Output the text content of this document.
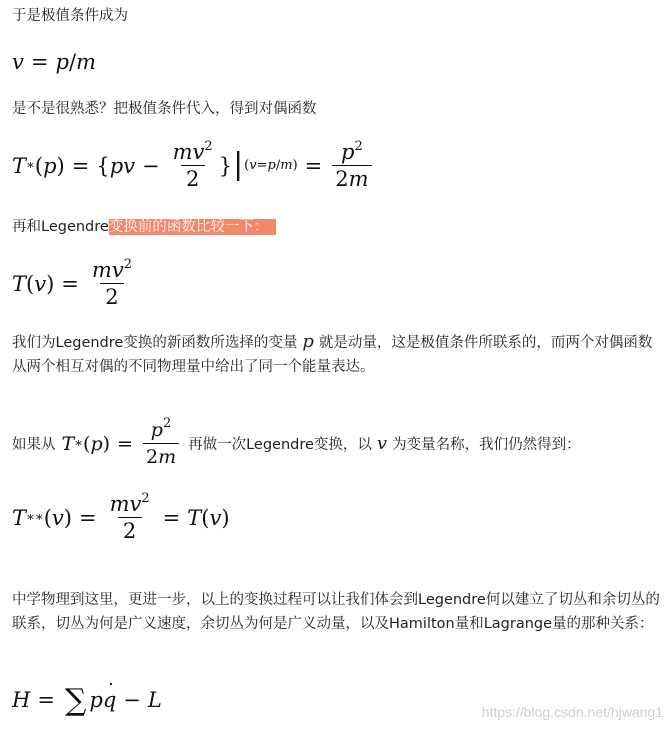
于是极值条件成为

v = p / m

是不是很熟悉？把极值条件代入，得到对偶函数

T ∗ ( p ) = { pv − $\frac{mv^2}{2}$ } | $(v=p/m) = \frac{p^2}{2m}$

再和Legendre变换前的函数比较一下：

T ( v ) = $\frac{mv^2}{2}$

我们为Legendre变换的新函数所选择的变量 p 就是动量，这是极值条件所联系的，而两个对偶函数从两个相互对偶的不同物理量中给出了同一个能量表达。

如果从 T ∗ ( p ) = $\frac{p^2}{2m}$ 再做一次Legendre变换，以 v 为变量名称，我们仍然得到：
T ∗∗ ( v ) = $\frac{mv^2}{2} = T$ ( v )

中学物理到这里，更进一步，以上的变换过程可以让我们体会到Legendre何以建立了切丛和余切丛的联系，切丛为何是广义速度，余切丛为何是广义动量，以及Hamilton量和Lagrange量的那种关系：

H = ∑ p
˙ q − L
https://blog.csdn.net/hjwang1
